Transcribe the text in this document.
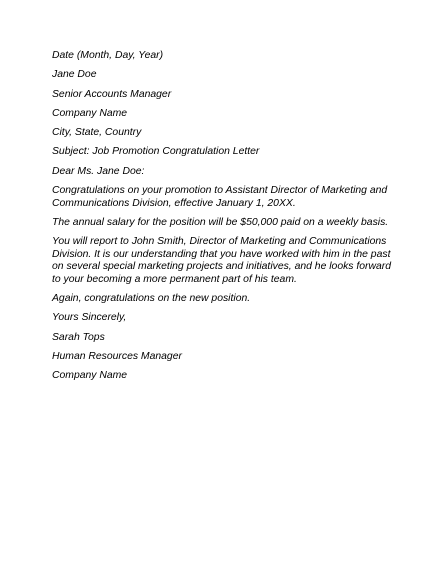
Date (Month, Day, Year)
Jane Doe
Senior Accounts Manager
Company Name
City, State, Country
Subject: Job Promotion Congratulation Letter
Dear Ms. Jane Doe:
Congratulations on your promotion to Assistant Director of Marketing and
Communications Division, effective January 1, 20XX.
The annual salary for the position will be $50,000 paid on a weekly basis.
You will report to John Smith, Director of Marketing and Communications
Division. It is our understanding that you have worked with him in the past
on several special marketing projects and initiatives, and he looks forward
to your becoming a more permanent part of his team.
Again, congratulations on the new position.
Yours Sincerely,
Sarah Tops
Human Resources Manager
Company Name
